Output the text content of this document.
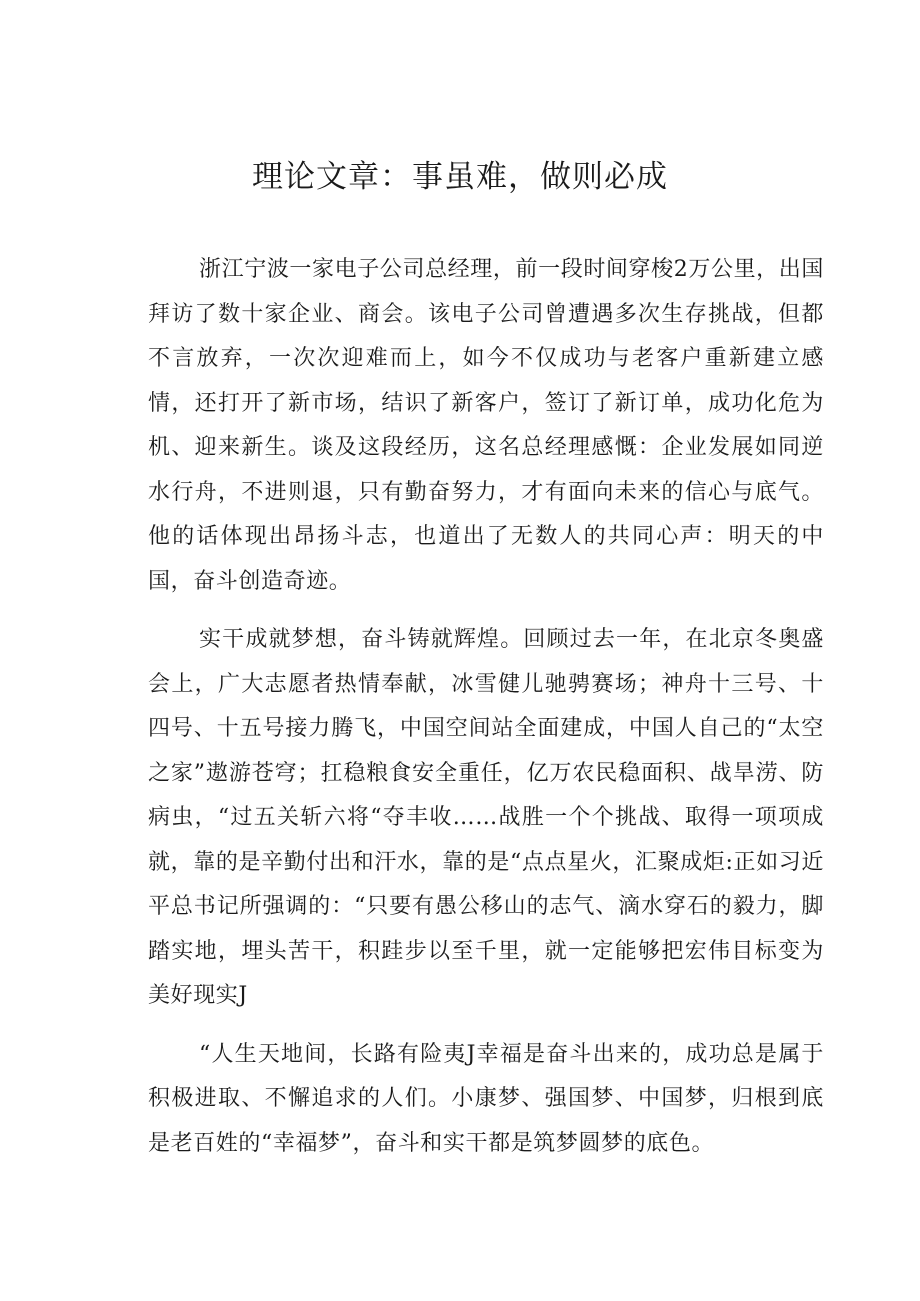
理论文章：事虽难，做则必成

浙江宁波一家电子公司总经理，前一段时间穿梭2万公里，出国拜访了数十家企业、商会。该电子公司曾遭遇多次生存挑战，但都不言放弃，一次次迎难而上，如今不仅成功与老客户重新建立感情，还打开了新市场，结识了新客户，签订了新订单，成功化危为机、迎来新生。谈及这段经历，这名总经理感慨：企业发展如同逆水行舟，不进则退，只有勤奋努力，才有面向未来的信心与底气。他的话体现出昂扬斗志，也道出了无数人的共同心声：明天的中国，奋斗创造奇迹。

实干成就梦想，奋斗铸就辉煌。回顾过去一年，在北京冬奥盛会上，广大志愿者热情奉献，冰雪健儿驰骋赛场；神舟十三号、十四号、十五号接力腾飞，中国空间站全面建成，中国人自己的“太空之家”遨游苍穹；扛稳粮食安全重任，亿万农民稳面积、战旱涝、防病虫，“过五关斩六将“夺丰收……战胜一个个挑战、取得一项项成就，靠的是辛勤付出和汗水，靠的是“点点星火，汇聚成炬:正如习近平总书记所强调的：“只要有愚公移山的志气、滴水穿石的毅力，脚踏实地，埋头苦干，积跬步以至千里，就一定能够把宏伟目标变为美好现实J

“人生天地间，长路有险夷J幸福是奋斗出来的，成功总是属于积极进取、不懈追求的人们。小康梦、强国梦、中国梦，归根到底是老百姓的“幸福梦”，奋斗和实干都是筑梦圆梦的底色。
